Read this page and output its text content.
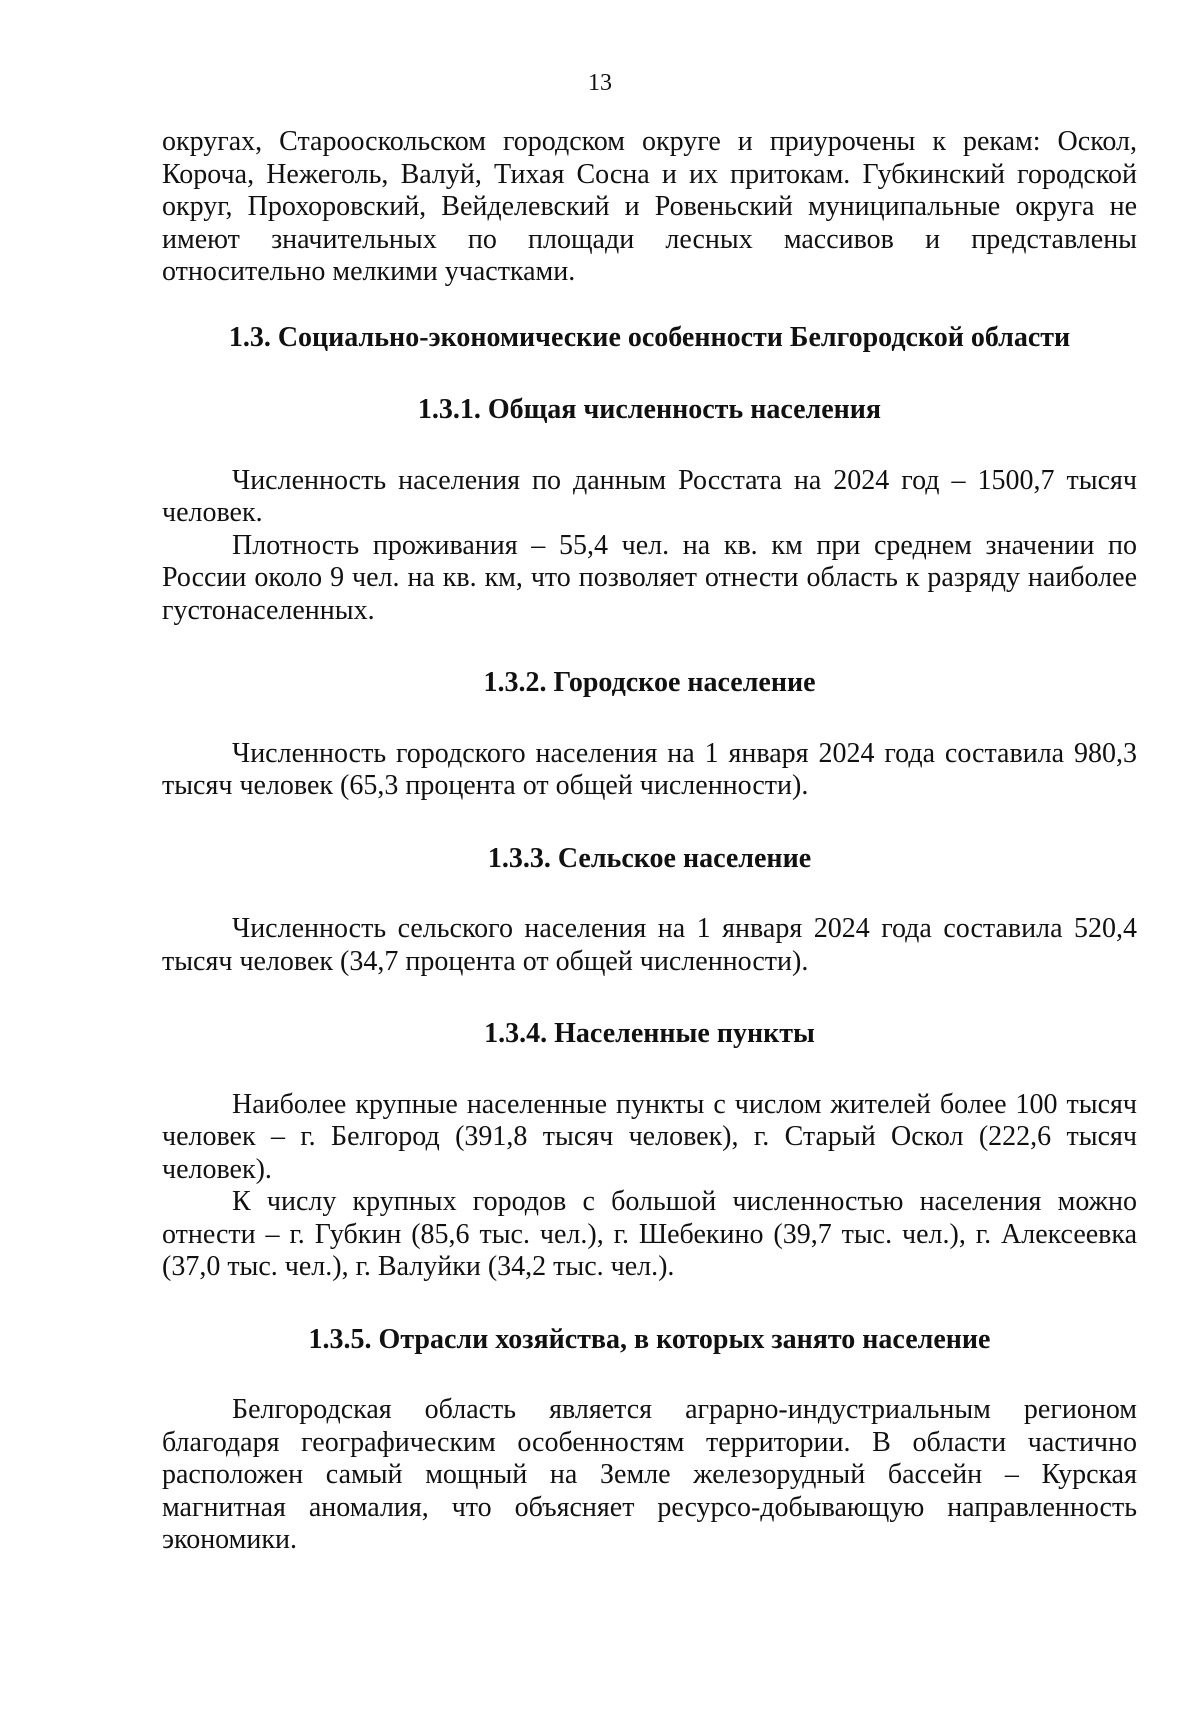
13

округах, Старооскольском городском округе и приурочены к рекам: Оскол, Короча, Нежеголь, Валуй, Тихая Сосна и их притокам. Губкинский городской округ, Прохоровский, Вейделевский и Ровеньский муниципальные округа не имеют значительных по площади лесных массивов и представлены относительно мелкими участками.

1.3. Социально-экономические особенности Белгородской области
1.3.1. Общая численность населения

Численность населения по данным Росстата на 2024 год – 1500,7 тысяч человек.

Плотность проживания – 55,4 чел. на кв. км при среднем значении по России около 9 чел. на кв. км, что позволяет отнести область к разряду наиболее густонаселенных.

1.3.2. Городское население

Численность городского населения на 1 января 2024 года составила 980,3 тысяч человек (65,3 процента от общей численности).

1.3.3. Сельское население

Численность сельского населения на 1 января 2024 года составила 520,4 тысяч человек (34,7 процента от общей численности).

1.3.4. Населенные пункты

Наиболее крупные населенные пункты с числом жителей более 100 тысяч человек – г. Белгород (391,8 тысяч человек), г. Старый Оскол (222,6 тысяч человек).

К числу крупных городов с большой численностью населения можно отнести – г. Губкин (85,6 тыс. чел.), г. Шебекино (39,7 тыс. чел.), г. Алексеевка (37,0 тыс. чел.), г. Валуйки (34,2 тыс. чел.).

1.3.5. Отрасли хозяйства, в которых занято население

Белгородская область является аграрно-индустриальным регионом благодаря географическим особенностям территории. В области частично расположен самый мощный на Земле железорудный бассейн – Курская магнитная аномалия, что объясняет ресурсо-добывающую направленность экономики.
